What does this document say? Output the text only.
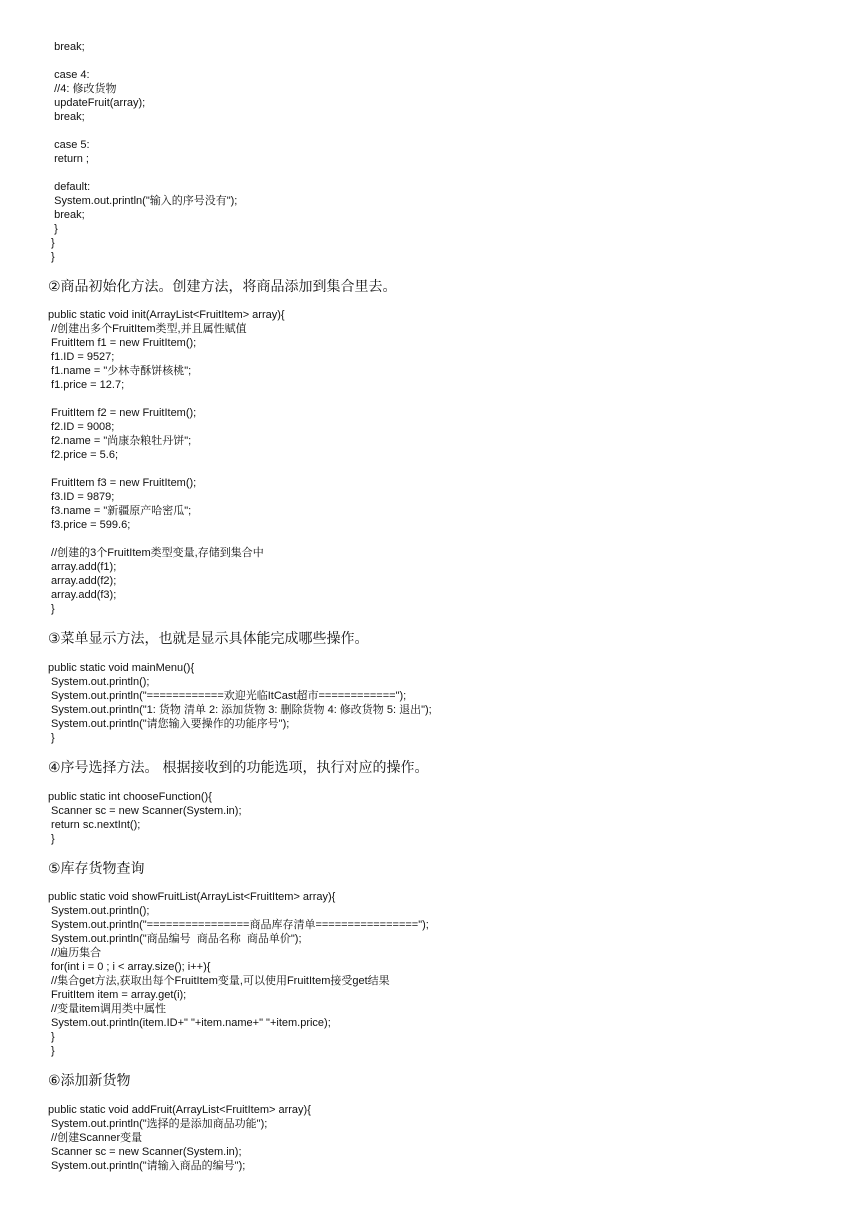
break;
case 4:
//4: 修改货物
updateFruit(array);
break;
case 5:
return ;
default:
System.out.println("输入的序号没有");
break;
}
}
}
②商品初始化方法。创建方法，将商品添加到集合里去。
public static void init(ArrayList<FruitItem> array){
//创建出多个FruitItem类型,并且属性赋值
FruitItem f1 = new FruitItem();
f1.ID = 9527;
f1.name = "少林寺酥饼核桃";
f1.price = 12.7;
FruitItem f2 = new FruitItem();
f2.ID = 9008;
f2.name = "尚康杂粮牡丹饼";
f2.price = 5.6;
FruitItem f3 = new FruitItem();
f3.ID = 9879;
f3.name = "新疆原产哈密瓜";
f3.price = 599.6;
//创建的3个FruitItem类型变量,存储到集合中
array.add(f1);
array.add(f2);
array.add(f3);
}
③菜单显示方法，也就是显示具体能完成哪些操作。
public static void mainMenu(){
System.out.println();
System.out.println("============欢迎光临ItCast超市============");
System.out.println("1: 货物 清单 2: 添加货物 3: 删除货物 4: 修改货物 5: 退出");
System.out.println("请您输入要操作的功能序号");
}
④序号选择方法。 根据接收到的功能选项，执行对应的操作。
public static int chooseFunction(){
Scanner sc = new Scanner(System.in);
return sc.nextInt();
}
⑤库存货物查询
public static void showFruitList(ArrayList<FruitItem> array){
System.out.println();
System.out.println("================商品库存清单================");
System.out.println("商品编号  商品名称  商品单价");
//遍历集合
for(int i = 0 ; i < array.size(); i++){
//集合get方法,获取出每个FruitItem变量,可以使用FruitItem接受get结果
FruitItem item = array.get(i);
//变量item调用类中属性
System.out.println(item.ID+" "+item.name+" "+item.price);
}
}
⑥添加新货物
public static void addFruit(ArrayList<FruitItem> array){
System.out.println("选择的是添加商品功能");
//创建Scanner变量
Scanner sc = new Scanner(System.in);
System.out.println("请输入商品的编号");
